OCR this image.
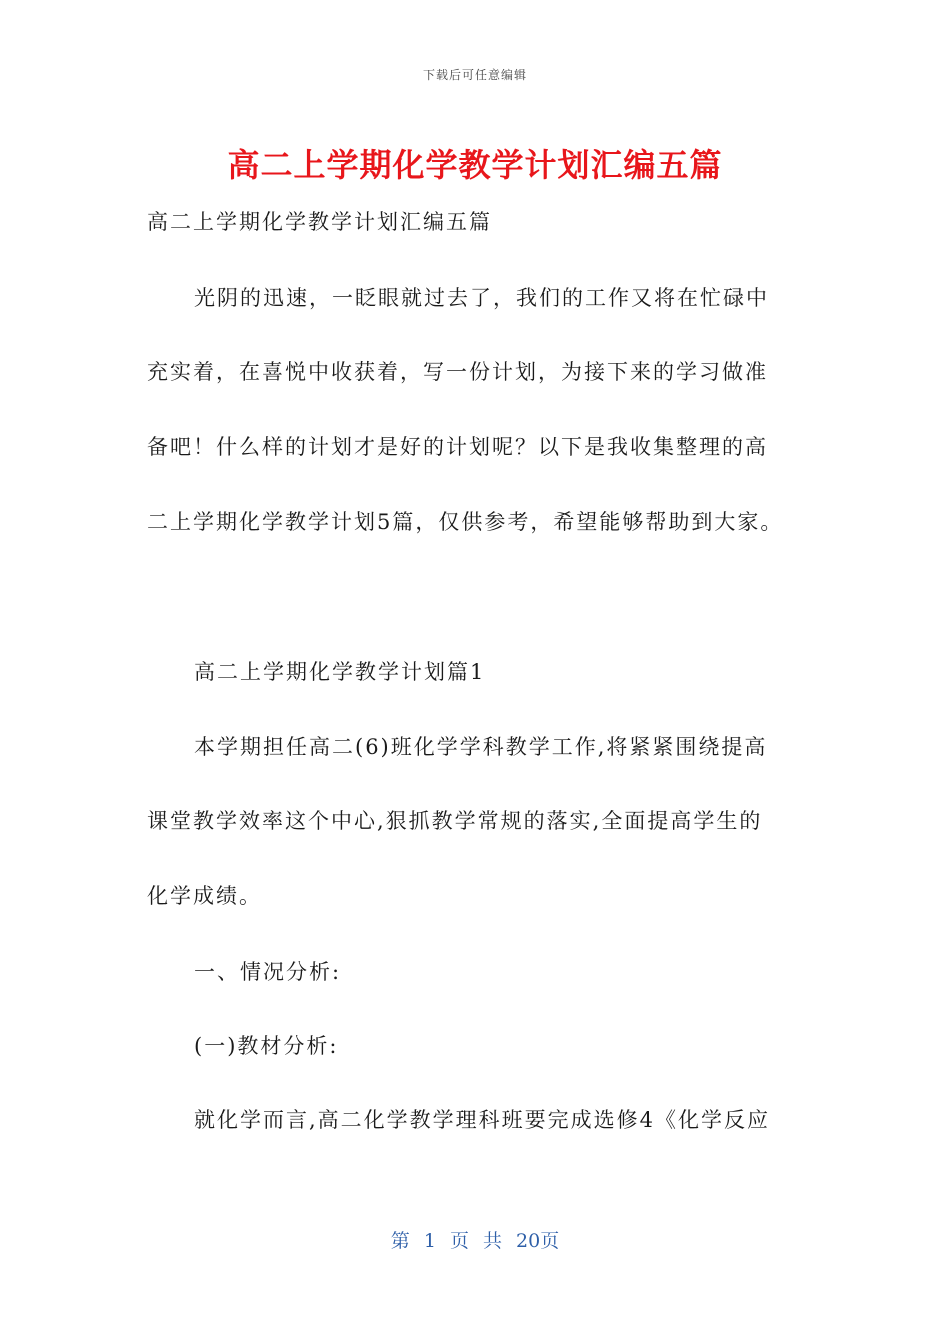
下载后可任意编辑
高二上学期化学教学计划汇编五篇
高二上学期化学教学计划汇编五篇
光阴的迅速，一眨眼就过去了，我们的工作又将在忙碌中
充实着，在喜悦中收获着，写一份计划，为接下来的学习做准
备吧！什么样的计划才是好的计划呢？以下是我收集整理的高
二上学期化学教学计划5篇，仅供参考，希望能够帮助到大家。
高二上学期化学教学计划篇1
本学期担任高二(6)班化学学科教学工作,将紧紧围绕提高
课堂教学效率这个中心,狠抓教学常规的落实,全面提高学生的
化学成绩。
一、情况分析:
(一)教材分析:
就化学而言,高二化学教学理科班要完成选修4《化学反应
第 1 页 共 20页
